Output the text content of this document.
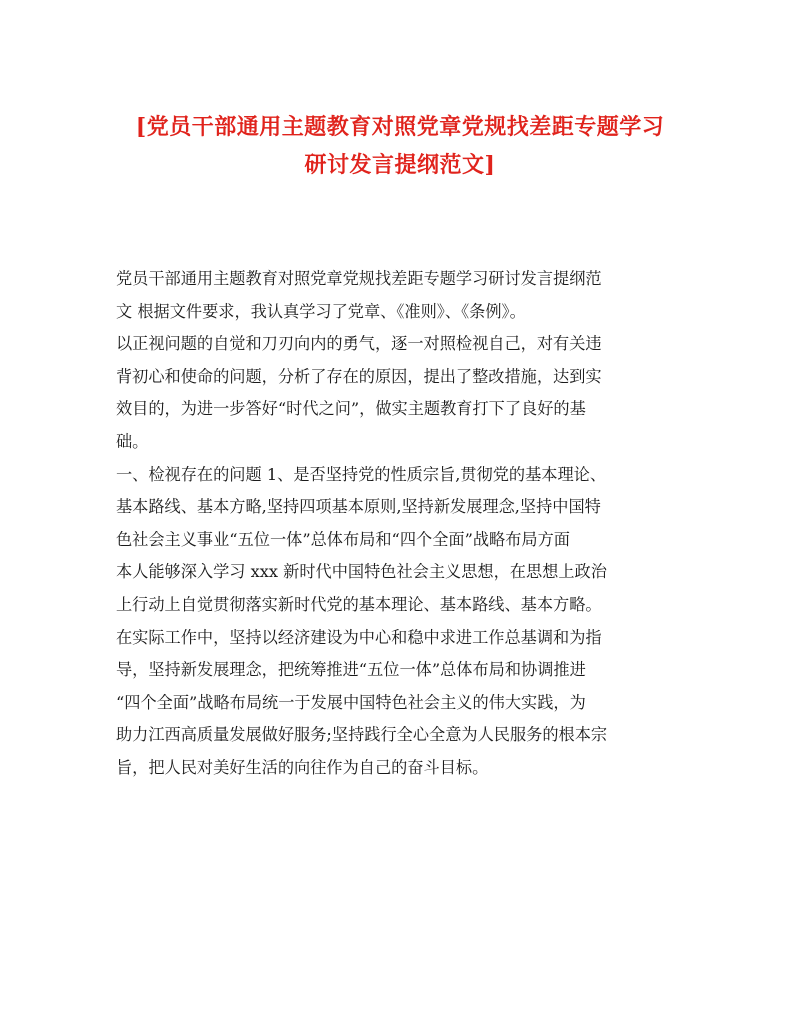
[党员干部通用主题教育对照党章党规找差距专题学习
研讨发言提纲范文]
党员干部通用主题教育对照党章党规找差距专题学习研讨发言提纲范
文 根据文件要求，我认真学习了党章、《准则》、《条例》。
以正视问题的自觉和刀刃向内的勇气，逐一对照检视自己，对有关违
背初心和使命的问题，分析了存在的原因，提出了整改措施，达到实
效目的，为进一步答好“时代之问”，做实主题教育打下了良好的基
础。
一、检视存在的问题 1、是否坚持党的性质宗旨,贯彻党的基本理论、
基本路线、基本方略,坚持四项基本原则,坚持新发展理念,坚持中国特
色社会主义事业“五位一体”总体布局和“四个全面”战略布局方面
本人能够深入学习 xxx 新时代中国特色社会主义思想，在思想上政治
上行动上自觉贯彻落实新时代党的基本理论、基本路线、基本方略。
在实际工作中，坚持以经济建设为中心和稳中求进工作总基调和为指
导，坚持新发展理念，把统筹推进“五位一体”总体布局和协调推进
“四个全面”战略布局统一于发展中国特色社会主义的伟大实践，为
助力江西高质量发展做好服务;坚持践行全心全意为人民服务的根本宗
旨，把人民对美好生活的向往作为自己的奋斗目标。
